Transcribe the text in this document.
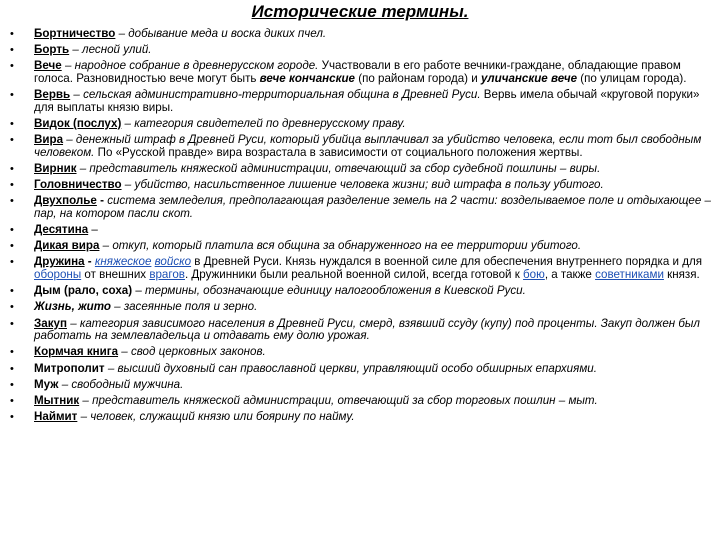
Исторические термины.
• Бортничество – добывание меда и воска диких пчел.
• Борть – лесной улий.
• Вече – народное собрание в древнерусском городе. Участвовали в его работе вечники-граждане, обладающие правом голоса. Разновидностью вече могут быть вече кончанские (по районам города) и уличанские вече (по улицам города).
• Вервь – сельская административно-территориальная община в Древней Руси. Вервь имела обычай «круговой поруки» для выплаты князю виры.
• Видок (послух) – категория свидетелей по древнерусскому праву.
• Вира – денежный штраф в Древней Руси, который убийца выплачивал за убийство человека, если тот был свободным человеком. По «Русской правде» вира возрастала в зависимости от социального положения жертвы.
• Вирник – представитель княжеской администрации, отвечающий за сбор судебной пошлины – виры.
• Головничество – убийство, насильственное лишение человека жизни; вид штрафа в пользу убитого.
• Двухполье - система земледелия, предполагающая разделение земель на 2 части: возделываемое поле и отдыхающее – пар, на котором пасли скот.
• Десятина –
• Дикая вира – откуп, который платила вся община за обнаруженного на ее территории убитого.
• Дружина - княжеское войско в Древней Руси. Князь нуждался в военной силе для обеспечения внутреннего порядка и для обороны от внешних врагов. Дружинники были реальной военной силой, всегда готовой к бою, а также советниками князя.
• Дым (рало, соха) – термины, обозначающие единицу налогообложения в Киевской Руси.
• Жизнь, жито – засеянные поля и зерно.
• Закуп – категория зависимого населения в Древней Руси, смерд, взявший ссуду (купу) под проценты. Закуп должен был работать на землевладельца и отдавать ему долю урожая.
• Кормчая книга – свод церковных законов.
• Митрополит – высший духовный сан православной церкви, управляющий особо обширных епархиями.
• Муж – свободный мужчина.
• Мытник – представитель княжеской администрации, отвечающий за сбор торговых пошлин – мыт.
• Наймит – человек, служащий князю или боярину по найму.
